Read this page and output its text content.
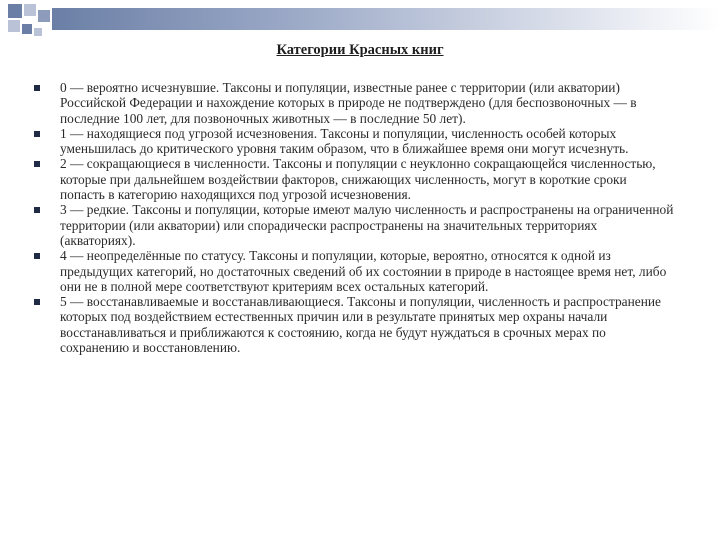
Категории Красных книг
0 — вероятно исчезнувшие. Таксоны и популяции, известные ранее с территории (или акватории) Российской Федерации и нахождение которых в природе не подтверждено (для беспозвоночных — в последние 100 лет, для позвоночных животных — в последние 50 лет).
1 — находящиеся под угрозой исчезновения. Таксоны и популяции, численность особей которых уменьшилась до критического уровня таким образом, что в ближайшее время они могут исчезнуть.
2 — сокращающиеся в численности. Таксоны и популяции с неуклонно сокращающейся численностью, которые при дальнейшем воздействии факторов, снижающих численность, могут в короткие сроки попасть в категорию находящихся под угрозой исчезновения.
3 — редкие. Таксоны и популяции, которые имеют малую численность и распространены на ограниченной территории (или акватории) или спорадически распространены на значительных территориях (акваториях).
4 — неопределённые по статусу. Таксоны и популяции, которые, вероятно, относятся к одной из предыдущих категорий, но достаточных сведений об их состоянии в природе в настоящее время нет, либо они не в полной мере соответствуют критериям всех остальных категорий.
5 — восстанавливаемые и восстанавливающиеся. Таксоны и популяции, численность и распространение которых под воздействием естественных причин или в результате принятых мер охраны начали восстанавливаться и приближаются к состоянию, когда не будут нуждаться в срочных мерах по сохранению и восстановлению.
